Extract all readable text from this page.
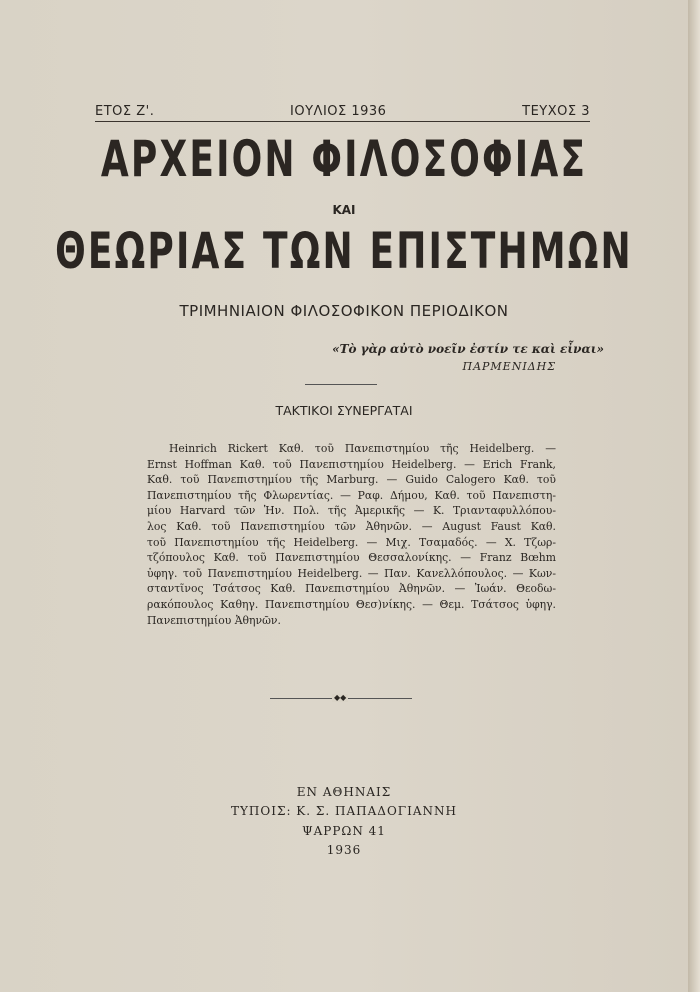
ΕΤΟΣ Ζ'.	ΙΟΥΛΙΟΣ 1936	ΤΕΥΧΟΣ 3
ΑΡΧΕΙΟΝ ΦΙΛΟΣΟΦΙΑΣ
ΚΑΙ
ΘΕΩΡΙΑΣ ΤΩΝ ΕΠΙΣΤΗΜΩΝ
ΤΡΙΜΗΝΙΑΙΟΝ ΦΙΛΟΣΟΦΙΚΟΝ ΠΕΡΙΟΔΙΚΟΝ
«Τὸ γὰρ αὐτὸ νοεῖν ἐστίν τε καὶ εἶναι»
ΠΑΡΜΕΝΙΔΗΣ
ΤΑΚΤΙΚΟΙ ΣΥΝΕΡΓΑΤΑΙ
Heinrich Rickert Καθ. τοῦ Πανεπιστημίου τῆς Heidelberg. —
Ernst Hoffman Καθ. τοῦ Πανεπιστημίου Heidelberg. — Erich Frank,
Καθ. τοῦ Πανεπιστημίου τῆς Marburg. — Guido Calogero Καθ. τοῦ
Πανεπιστημίου τῆς Φλωρεντίας. — Ραφ. Δήμου, Καθ. τοῦ Πανεπιστη-
μίου Harvard τῶν Ἡν. Πολ. τῆς Ἀμερικῆς — Κ. Τριανταφυλλόπου-
λος Καθ. τοῦ Πανεπιστημίου τῶν Ἀθηνῶν. — August Faust Καθ.
τοῦ Πανεπιστημίου τῆς Heidelberg. — Μιχ. Τσαμαδός. — Χ. Τζωρ-
τζόπουλος Καθ. τοῦ Πανεπιστημίου Θεσσαλονίκης. — Franz Bœhm
ὑφηγ. τοῦ Πανεπιστημίου Heidelberg. — Παν. Κανελλόπουλος. — Κων-
σταντῖνος Τσάτσος Καθ. Πανεπιστημίου Ἀθηνῶν. — Ἰωάν. Θεοδω-
ρακόπουλος Καθηγ. Πανεπιστημίου Θεσ)νίκης. — Θεμ. Τσάτσος ὑφηγ.
Πανεπιστημίου Ἀθηνῶν.
◆◆
ΕΝ ΑΘΗΝΑΙΣ
ΤΥΠΟΙΣ: Κ. Σ. ΠΑΠΑΔΟΓΙΑΝΝΗ
ΨΑΡΡΩΝ 41
1936
